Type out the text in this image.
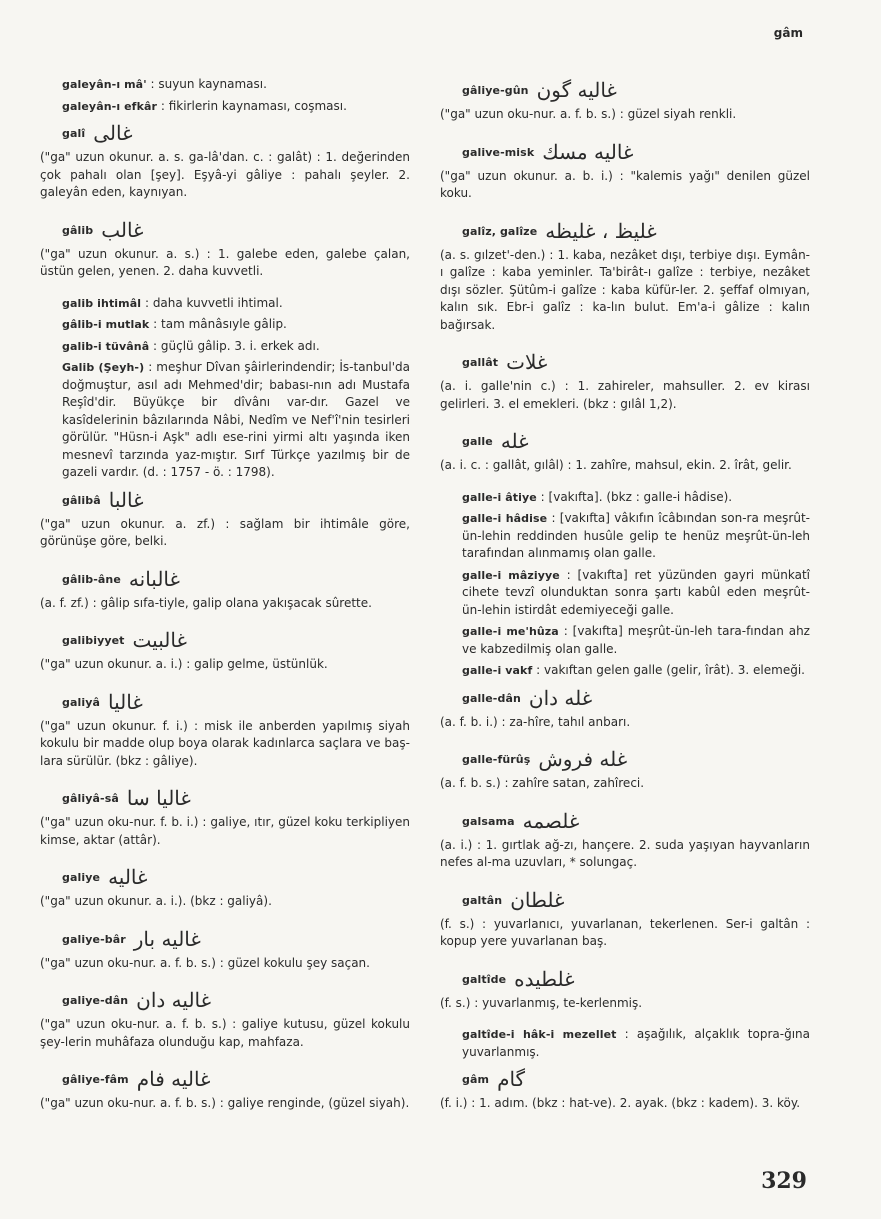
gâm
galeyân-ı mâ' : suyun kaynaması.
galeyân-ı efkâr : fikirlerin kaynaması, coşması.
galî غالى
("ga" uzun okunur. a. s. ga-lâ'dan. c. : galât) : 1. değerinden çok pahalı olan [şey]. Eşyâ-yi gâliye : pahalı şeyler. 2. galeyân eden, kaynıyan.
gâlib غالب
("ga" uzun okunur. a. s.) : 1. galebe eden, galebe çalan, üstün gelen, yenen. 2. daha kuvvetli.
galib ihtimâl : daha kuvvetli ihtimal.
gâlib-i mutlak : tam mânâsıyle gâlip.
galib-i tüvânâ : güçlü gâlip. 3. i. erkek adı.
Galib (Şeyh-) : meşhur Dîvan şâirlerindendir; İs-tanbul'da doğmuştur, asıl adı Mehmed'dir; babası-nın adı Mustafa Reşîd'dir. Büyükçe bir dîvânı var-dır. Gazel ve kasîdelerinin bâzılarında Nâbi, Nedîm ve Nef'î'nin tesirleri görülür. "Hüsn-i Aşk" adlı ese-rini yirmi altı yaşında iken mesnevî tarzında yaz-mıştır. Sırf Türkçe yazılmış bir de gazeli vardır. (d. : 1757 - ö. : 1798).
gâlibâ غالبا
("ga" uzun okunur. a. zf.) : sağlam bir ihtimâle göre, görünüşe göre, belki.
gâlib-âne غالبانه
(a. f. zf.) : gâlip sıfa-tiyle, galip olana yakışacak sûrette.
galibiyyet غالبيت
("ga" uzun okunur. a. i.) : galip gelme, üstünlük.
galiyâ غاليا
("ga" uzun okunur. f. i.) : misk ile anberden yapılmış siyah kokulu bir madde olup boya olarak kadınlarca saçlara ve baş-lara sürülür. (bkz : gâliye).
gâliyâ-sâ غاليا سا
("ga" uzun oku-nur. f. b. i.) : galiye, ıtır, güzel koku terkipliyen kimse, aktar (attâr).
galiye غاليه
("ga" uzun okunur. a. i.). (bkz : galiyâ).
galiye-bâr غاليه بار
("ga" uzun oku-nur. a. f. b. s.) : güzel kokulu şey saçan.
galiye-dân غاليه دان
("ga" uzun oku-nur. a. f. b. s.) : galiye kutusu, güzel kokulu şey-lerin muhâfaza olunduğu kap, mahfaza.
gâliye-fâm غاليه فام
("ga" uzun oku-nur. a. f. b. s.) : galiye renginde, (güzel siyah).
gâliye-gûn غاليه گون
("ga" uzun oku-nur. a. f. b. s.) : güzel siyah renkli.
galive-misk غاليه مسك
("ga" uzun okunur. a. b. i.) : "kalemis yağı" denilen güzel koku.
galîz, galîze غليظ ، غليظه
(a. s. gılzet'-den.) : 1. kaba, nezâket dışı, terbiye dışı. Eymân-ı galîze : kaba yeminler. Ta'birât-ı galîze : terbiye, nezâket dışı sözler. Şütûm-i galîze : kaba küfür-ler. 2. şeffaf olmıyan, kalın sık. Ebr-i galîz : ka-lın bulut. Em'a-i gâlize : kalın bağırsak.
gallât غلات
(a. i. galle'nin c.) : 1. zahireler, mahsuller. 2. ev kirası gelirleri. 3. el emekleri. (bkz : gılâl 1,2).
galle غله
(a. i. c. : gallât, gılâl) : 1. zahîre, mahsul, ekin. 2. îrât, gelir.
galle-i âtiye : [vakıfta]. (bkz : galle-i hâdise).
galle-i hâdise : [vakıfta] vâkıfın îcâbından son-ra meşrût-ün-lehin reddinden husûle gelip te henüz meşrût-ün-leh tarafından alınmamış olan galle.
galle-i mâziyye : [vakıfta] ret yüzünden gayri münkatî cihete tevzî olunduktan sonra şartı kabûl eden meşrût-ün-lehin istirdât edemiyeceği galle.
galle-i me'hûza : [vakıfta] meşrût-ün-leh tara-fından ahz ve kabzedilmiş olan galle.
galle-i vakf : vakıftan gelen galle (gelir, îrât). 3. elemeği.
galle-dân غله دان
(a. f. b. i.) : za-hîre, tahıl anbarı.
galle-fürûş غله فروش
(a. f. b. s.) : zahîre satan, zahîreci.
galsama غلصمه
(a. i.) : 1. gırtlak ağ-zı, hançere. 2. suda yaşıyan hayvanların nefes al-ma uzuvları, * solungaç.
galtân غلطان
(f. s.) : yuvarlanıcı, yuvarlanan, tekerlenen. Ser-i galtân : kopup yere yuvarlanan baş.
galtîde غلطيده
(f. s.) : yuvarlanmış, te-kerlenmiş.
galtîde-i hâk-i mezellet : aşağılık, alçaklık topra-ğına yuvarlanmış.
gâm گام
(f. i.) : 1. adım. (bkz : hat-ve). 2. ayak. (bkz : kadem). 3. köy.
329
